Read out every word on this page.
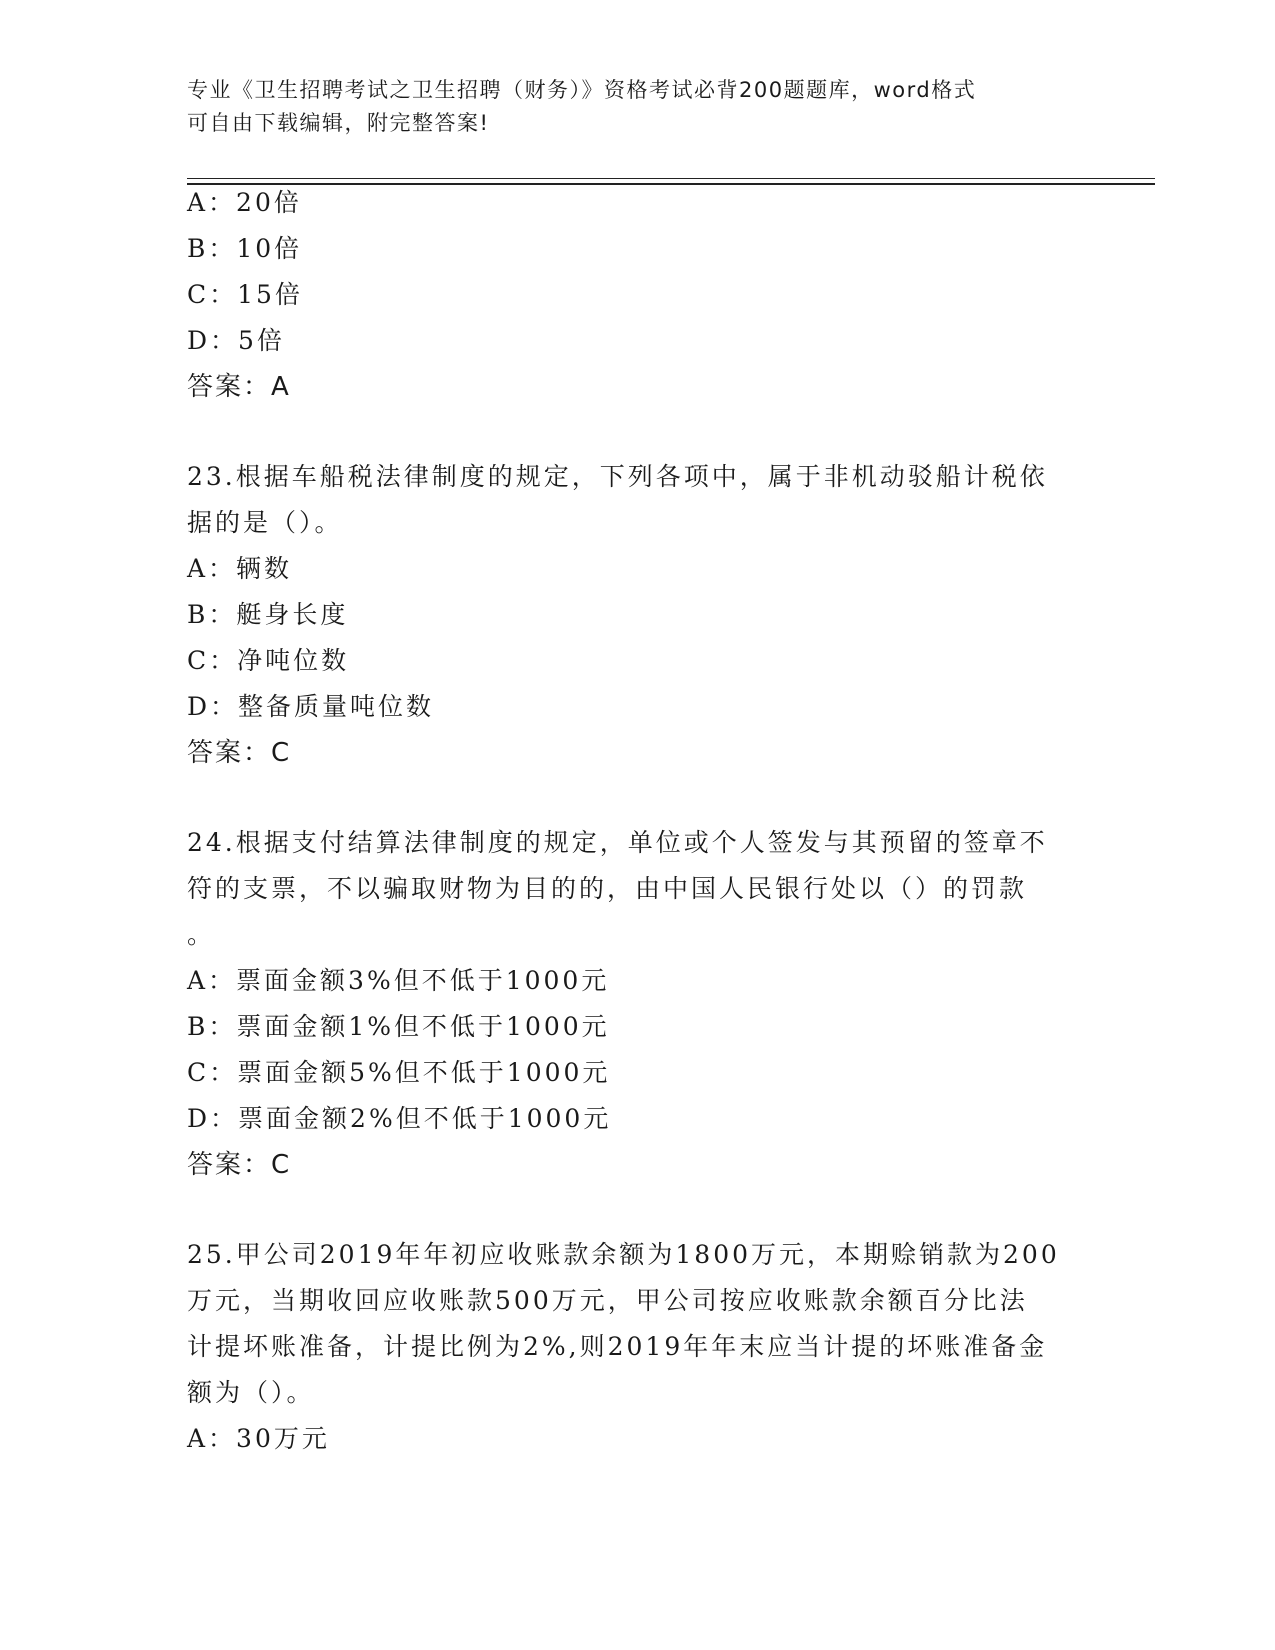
专业《卫生招聘考试之卫生招聘（财务）》资格考试必背200题题库，word格式
可自由下载编辑，附完整答案!
A：20倍
B：10倍
C：15倍
D：5倍
答案：A
23.根据车船税法律制度的规定，下列各项中，属于非机动驳船计税依
据的是（）。
A：辆数
B：艇身长度
C：净吨位数
D：整备质量吨位数
答案：C
24.根据支付结算法律制度的规定，单位或个人签发与其预留的签章不
符的支票，不以骗取财物为目的的，由中国人民银行处以（）的罚款
。
A：票面金额3%但不低于1000元
B：票面金额1%但不低于1000元
C：票面金额5%但不低于1000元
D：票面金额2%但不低于1000元
答案：C
25.甲公司2019年年初应收账款余额为1800万元，本期赊销款为200
万元，当期收回应收账款500万元，甲公司按应收账款余额百分比法
计提坏账准备，计提比例为2%,则2019年年末应当计提的坏账准备金
额为（）。
A：30万元
